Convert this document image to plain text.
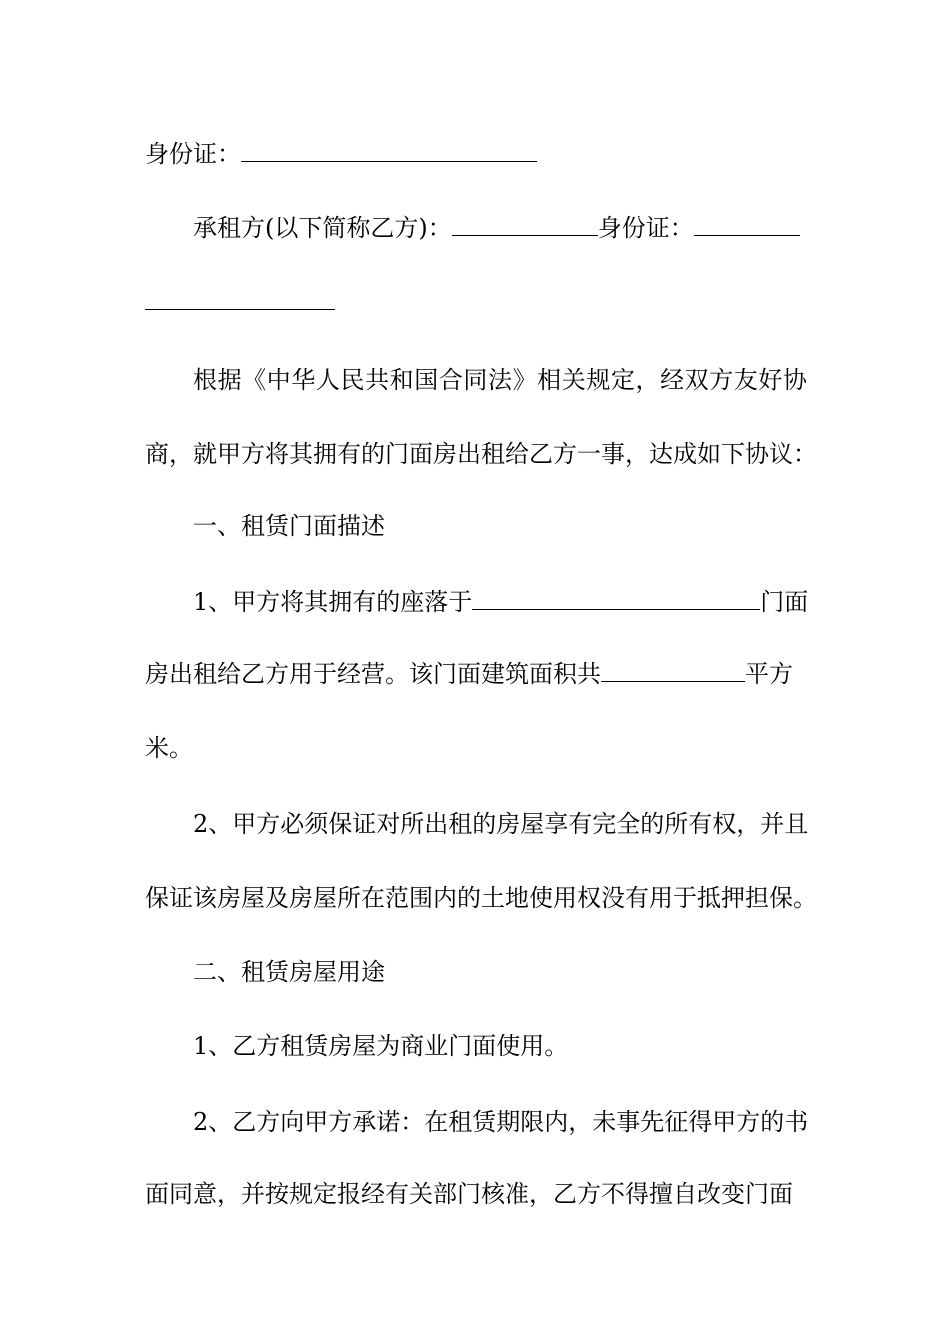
身份证：
承租方(以下简称乙方)：	身份证：
根据《中华人民共和国合同法》相关规定，经双方友好协
商，就甲方将其拥有的门面房出租给乙方一事，达成如下协议：
一、租赁门面描述
1、甲方将其拥有的座落于	门面
房出租给乙方用于经营。该门面建筑面积共	平方
米。
2、甲方必须保证对所出租的房屋享有完全的所有权，并且
保证该房屋及房屋所在范围内的土地使用权没有用于抵押担保。
二、租赁房屋用途
1、乙方租赁房屋为商业门面使用。
2、乙方向甲方承诺：在租赁期限内，未事先征得甲方的书
面同意，并按规定报经有关部门核准，乙方不得擅自改变门面
